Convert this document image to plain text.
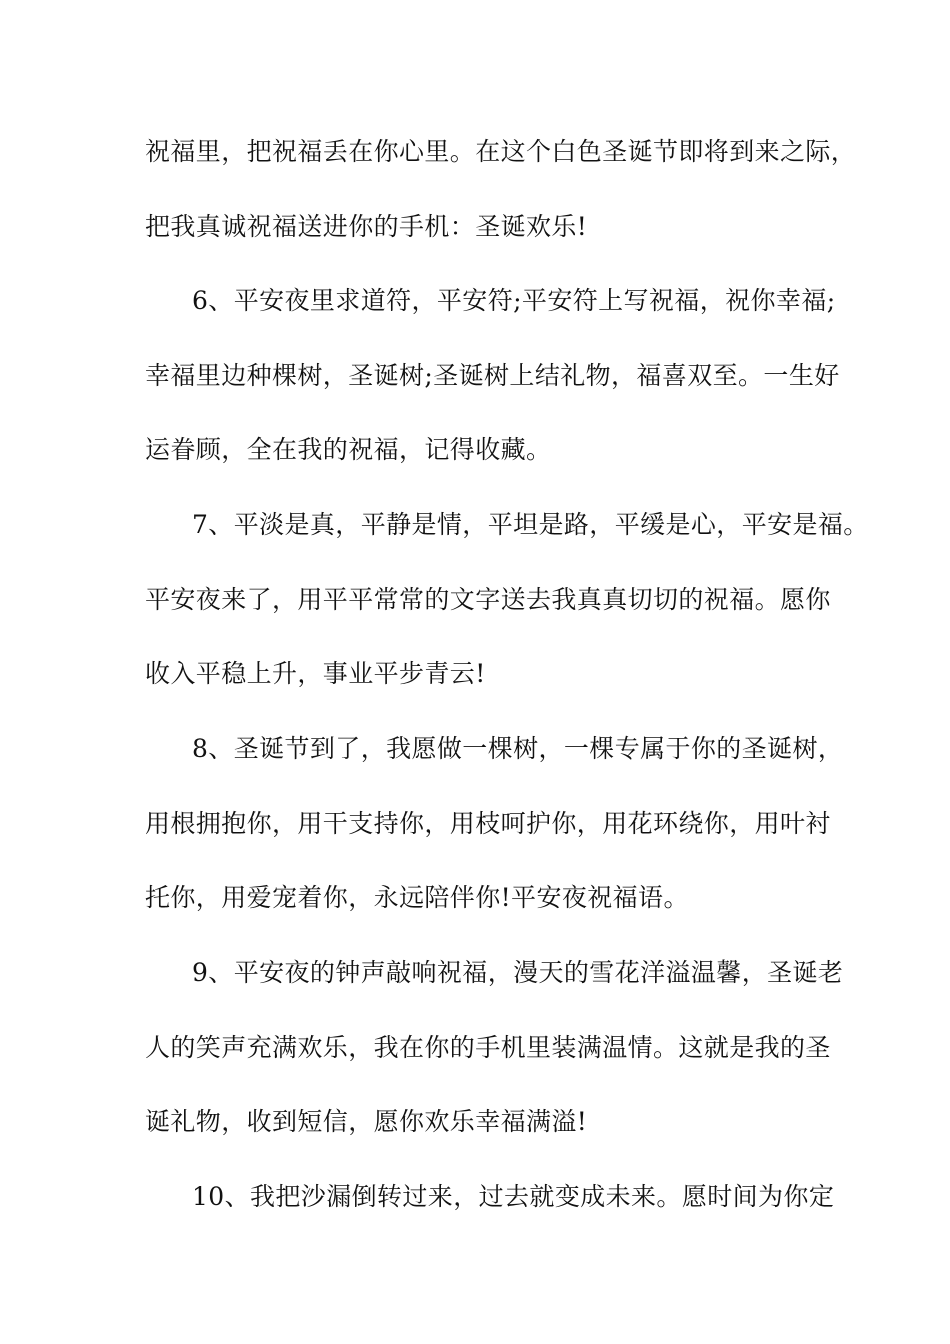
祝福里，把祝福丢在你心里。在这个白色圣诞节即将到来之际，
把我真诚祝福送进你的手机：圣诞欢乐!
6、平安夜里求道符，平安符;平安符上写祝福，祝你幸福;
幸福里边种棵树，圣诞树;圣诞树上结礼物，福喜双至。一生好
运眷顾，全在我的祝福，记得收藏。
7、平淡是真，平静是情，平坦是路，平缓是心，平安是福。
平安夜来了，用平平常常的文字送去我真真切切的祝福。愿你
收入平稳上升，事业平步青云!
8、圣诞节到了，我愿做一棵树，一棵专属于你的圣诞树，
用根拥抱你，用干支持你，用枝呵护你，用花环绕你，用叶衬
托你，用爱宠着你，永远陪伴你!平安夜祝福语。
9、平安夜的钟声敲响祝福，漫天的雪花洋溢温馨，圣诞老
人的笑声充满欢乐，我在你的手机里装满温情。这就是我的圣
诞礼物，收到短信，愿你欢乐幸福满溢!
10、我把沙漏倒转过来，过去就变成未来。愿时间为你定
